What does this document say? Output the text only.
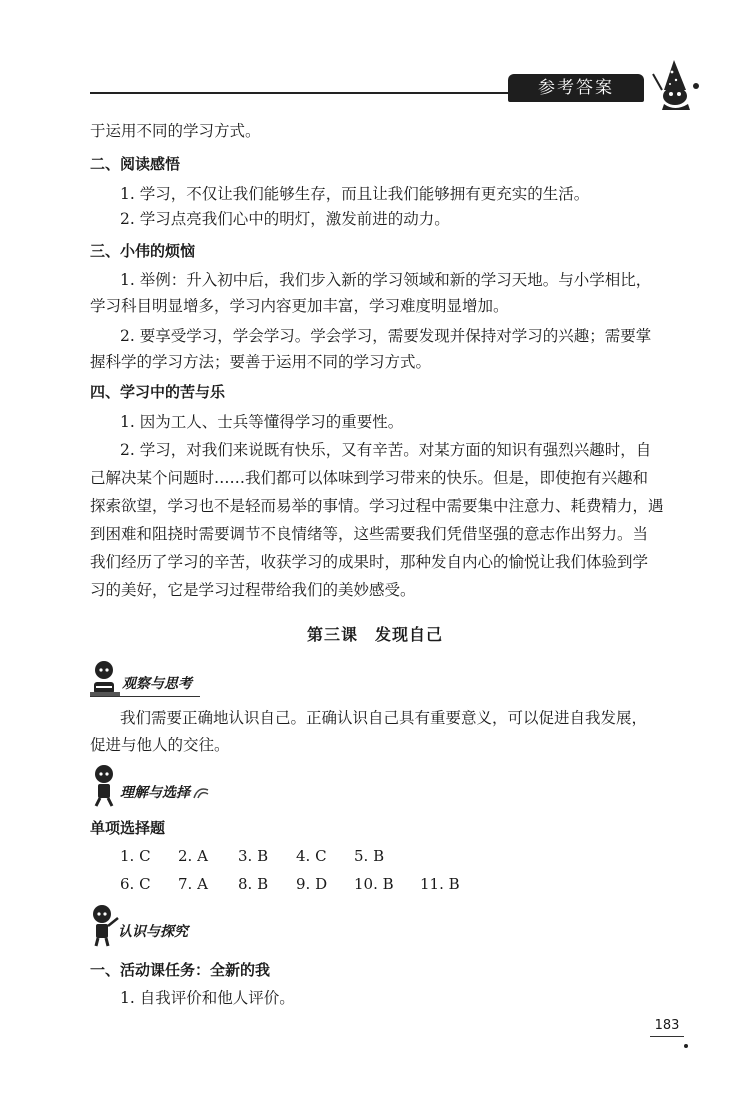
参考答案
于运用不同的学习方式。
二、阅读感悟
1. 学习，不仅让我们能够生存，而且让我们能够拥有更充实的生活。
2. 学习点亮我们心中的明灯，激发前进的动力。
三、小伟的烦恼
1. 举例：升入初中后，我们步入新的学习领域和新的学习天地。与小学相比，
学习科目明显增多，学习内容更加丰富，学习难度明显增加。
2. 要享受学习，学会学习。学会学习，需要发现并保持对学习的兴趣；需要掌
握科学的学习方法；要善于运用不同的学习方式。
四、学习中的苦与乐
1. 因为工人、士兵等懂得学习的重要性。
2. 学习，对我们来说既有快乐，又有辛苦。对某方面的知识有强烈兴趣时，自
己解决某个问题时……我们都可以体味到学习带来的快乐。但是，即使抱有兴趣和
探索欲望，学习也不是轻而易举的事情。学习过程中需要集中注意力、耗费精力，遇
到困难和阻挠时需要调节不良情绪等，这些需要我们凭借坚强的意志作出努力。当
我们经历了学习的辛苦，收获学习的成果时，那种发自内心的愉悦让我们体验到学
习的美好，它是学习过程带给我们的美妙感受。
第三课　发现自己
观察与思考
我们需要正确地认识自己。正确认识自己具有重要意义，可以促进自我发展，
促进与他人的交往。
理解与选择
单项选择题
1. C 2. A 3. B 4. C 5. B
6. C 7. A 8. B 9. D 10. B 11. B
认识与探究
一、活动课任务：全新的我
1. 自我评价和他人评价。
183
